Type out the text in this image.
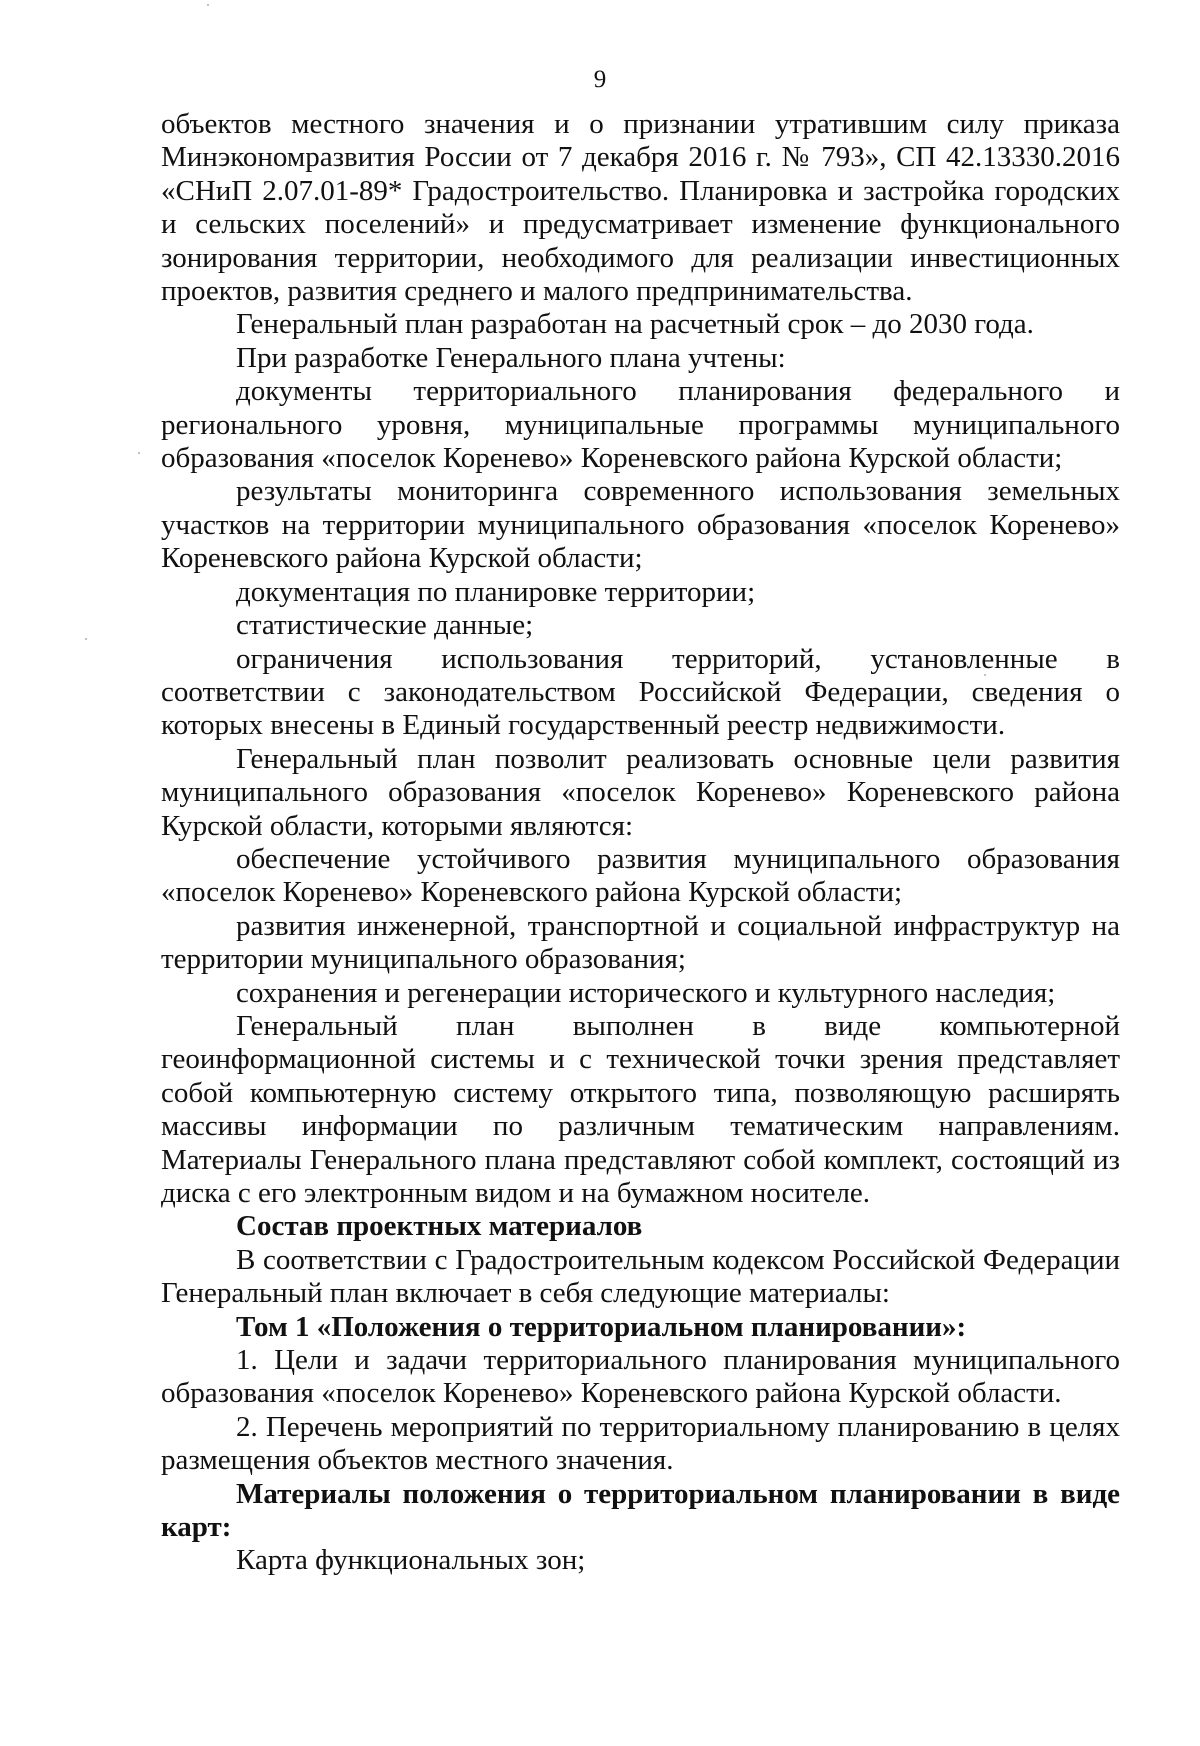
9

объектов местного значения и о признании утратившим силу приказа Минэкономразвития России от 7 декабря 2016 г. № 793», СП 42.13330.2016 «СНиП 2.07.01-89* Градостроительство. Планировка и застройка городских и сельских поселений» и предусматривает изменение функционального зонирования территории, необходимого для реализации инвестиционных проектов, развития среднего и малого предпринимательства.

Генеральный план разработан на расчетный срок – до 2030 года.

При разработке Генерального плана учтены:

документы территориального планирования федерального и регионального уровня, муниципальные программы муниципального образования «поселок Коренево» Кореневского района Курской области;

результаты мониторинга современного использования земельных участков на территории муниципального образования «поселок Коренево» Кореневского района Курской области;

документация по планировке территории;

статистические данные;

ограничения использования территорий, установленные в соответствии с законодательством Российской Федерации, сведения о которых внесены в Единый государственный реестр недвижимости.

Генеральный план позволит реализовать основные цели развития муниципального образования «поселок Коренево» Кореневского района Курской области, которыми являются:

обеспечение устойчивого развития муниципального образования «поселок Коренево» Кореневского района Курской области;

развития инженерной, транспортной и социальной инфраструктур на территории муниципального образования;

сохранения и регенерации исторического и культурного наследия;

Генеральный план выполнен в виде компьютерной геоинформационной системы и с технической точки зрения представляет собой компьютерную систему открытого типа, позволяющую расширять массивы информации по различным тематическим направлениям. Материалы Генерального плана представляют собой комплект, состоящий из диска с его электронным видом и на бумажном носителе.

Состав проектных материалов

В соответствии с Градостроительным кодексом Российской Федерации Генеральный план включает в себя следующие материалы:

Том 1 «Положения о территориальном планировании»:

1. Цели и задачи территориального планирования муниципального образования «поселок Коренево» Кореневского района Курской области.

2. Перечень мероприятий по территориальному планированию в целях размещения объектов местного значения.

Материалы положения о территориальном планировании в виде карт:

Карта функциональных зон;
